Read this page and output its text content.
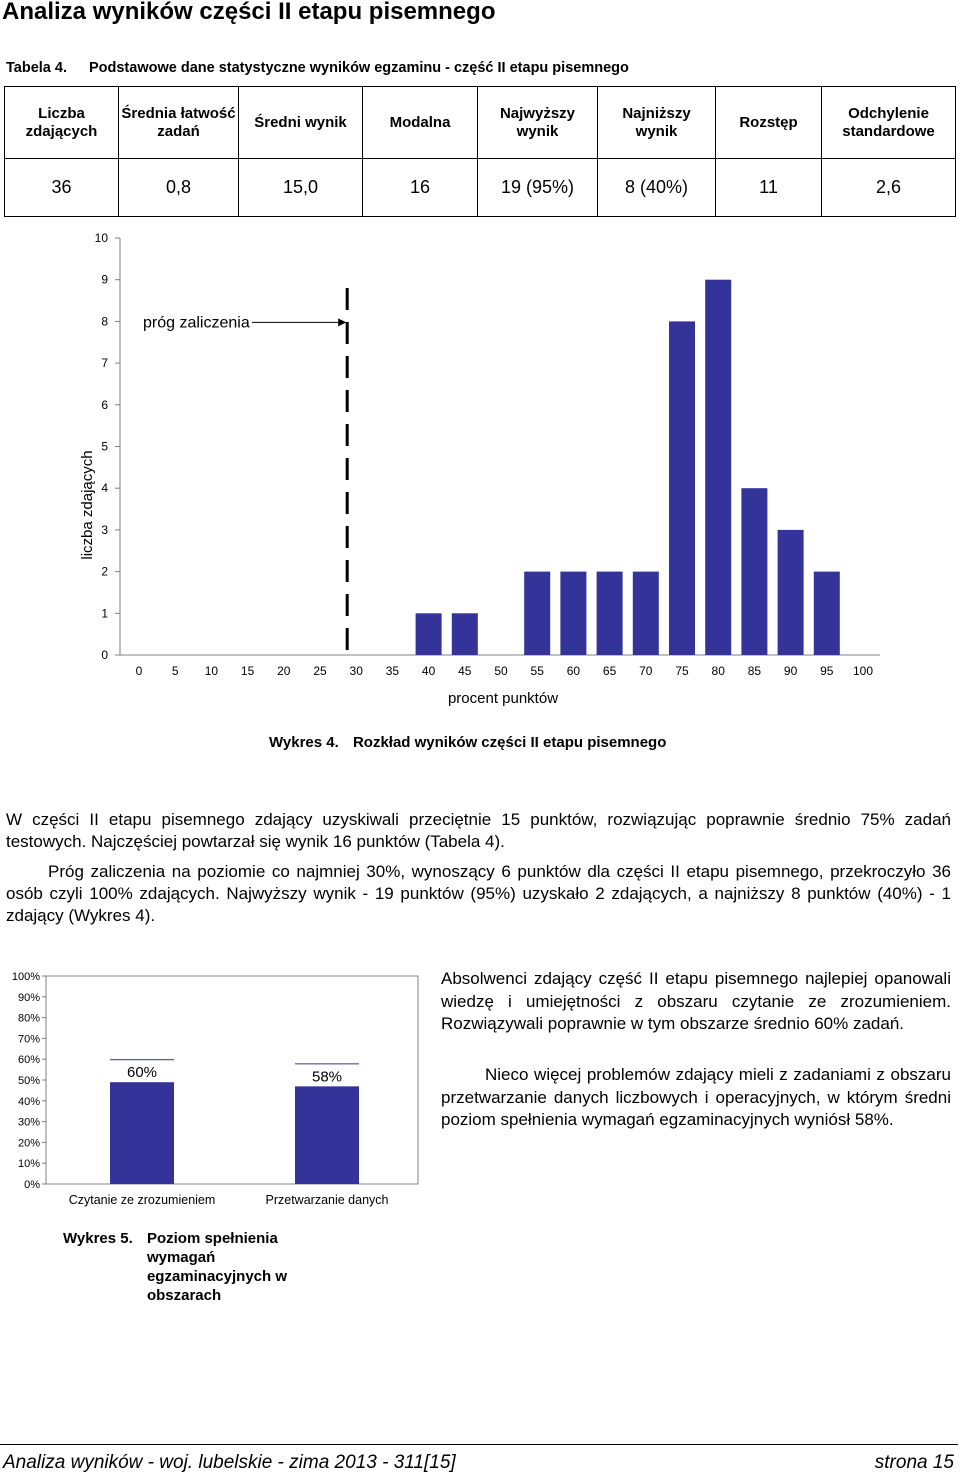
Analiza wyników części II etapu pisemnego
Tabela 4. Podstawowe dane statystyczne wyników egzaminu - część II etapu pisemnego
Liczba zdających	Średnia łatwość zadań	Średni wynik	Modalna	Najwyższy wynik	Najniższy wynik	Rozstęp	Odchylenie standardowe
36	0,8	15,0	16	19 (95%)	8 (40%)	11	2,6
liczba zdających
procent punktów
0
1
2
3
4
5
6
7
8
9
10
0 5 10 15 20 25 30 35 40 45 50 55 60 65 70 75 80 85 90 95 100
próg zaliczenia
Wykres 4. Rozkład wyników części II etapu pisemnego
W części II etapu pisemnego zdający uzyskiwali przeciętnie 15 punktów, rozwiązując poprawnie średnio 75% zadań testowych. Najczęściej powtarzał się wynik 16 punktów (Tabela 4).
Próg zaliczenia na poziomie co najmniej 30%, wynoszący 6 punktów dla części II etapu pisemnego, przekroczyło 36 osób czyli 100% zdających. Najwyższy wynik - 19 punktów (95%) uzyskało 2 zdających, a najniższy 8 punktów (40%) - 1 zdający (Wykres 4).
0%
10%
20%
30%
40%
50%
60%
70%
80%
90%
100%
60%
Czytanie ze zrozumieniem
58%
Przetwarzanie danych
Absolwenci zdający część II etapu pisemnego najlepiej opanowali wiedzę i umiejętności z obszaru czytanie ze zrozumieniem. Rozwiązywali poprawnie w tym obszarze średnio 60% zadań.
Nieco więcej problemów zdający mieli z zadaniami z obszaru przetwarzanie danych liczbowych i operacyjnych, w którym średni poziom spełnienia wymagań egzaminacyjnych wyniósł 58%.
Wykres 5. Poziom spełnienia wymagań egzaminacyjnych w obszarach
Analiza wyników - woj. lubelskie - zima 2013 - 311[15]	strona 15
